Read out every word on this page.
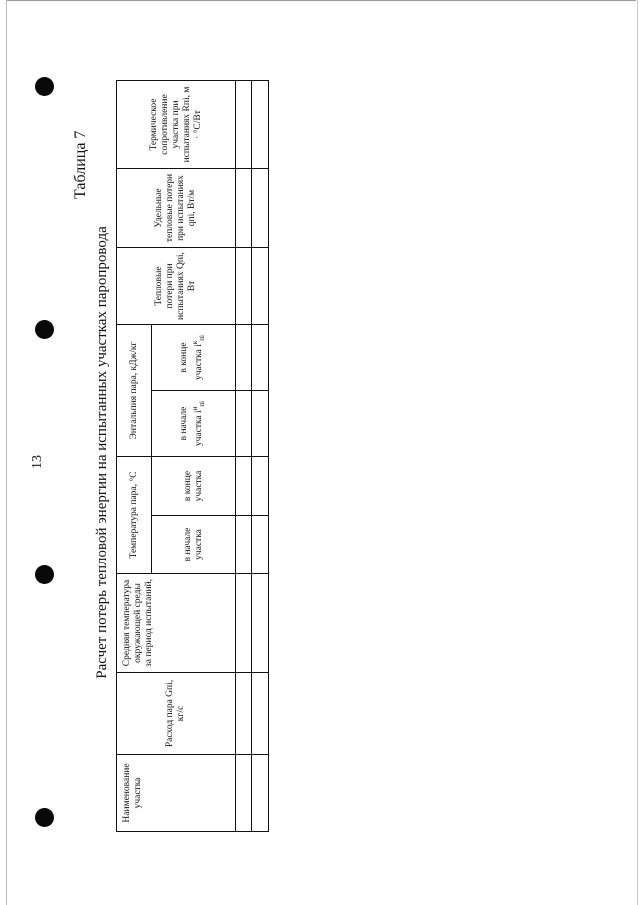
13
Таблица 7
Расчет потерь тепловой энергии на испытанных участках паропровода
Наименование участка
Расход пара Gпi, кг/с
Средняя температура окружающей среды за период испытаний,
Температура пара, °С	в начале участка
в конце участка
Энтальпия пара, кДж/кг	в начале участка $i^н_{пi}$
в конце участка $i^к_{пi}$
Тепловые потери при испытаниях Qпi, Вт
Удельные тепловые потери при испытаниях qпi, Вт/м
Термическое сопротивление участка при испытаниях Rпi, м · °С/Вт
